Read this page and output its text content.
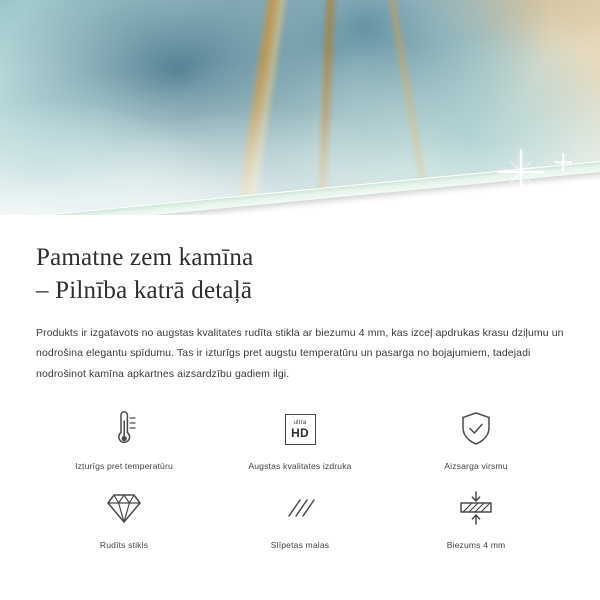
Pamatne zem kamīna
– Pilnība katrā detaļā

Produkts ir izgatavots no augstas kvalitates rudīta stikla ar biezumu 4 mm, kas izceļ apdrukas krasu dziļumu un nodrošina elegantu spīdumu. Tas ir izturīgs pret augstu temperatūru un pasarga no bojajumiem, tadejadi nodrošinot kamīna apkartnes aizsardzību gadiem ilgi.

Izturīgs pret temperatūru
ultra
HD
Augstas kvalitates izdruka	Aizsarga virsmu
Rudīts stikls	Slīpetas malas	Biezums 4 mm
